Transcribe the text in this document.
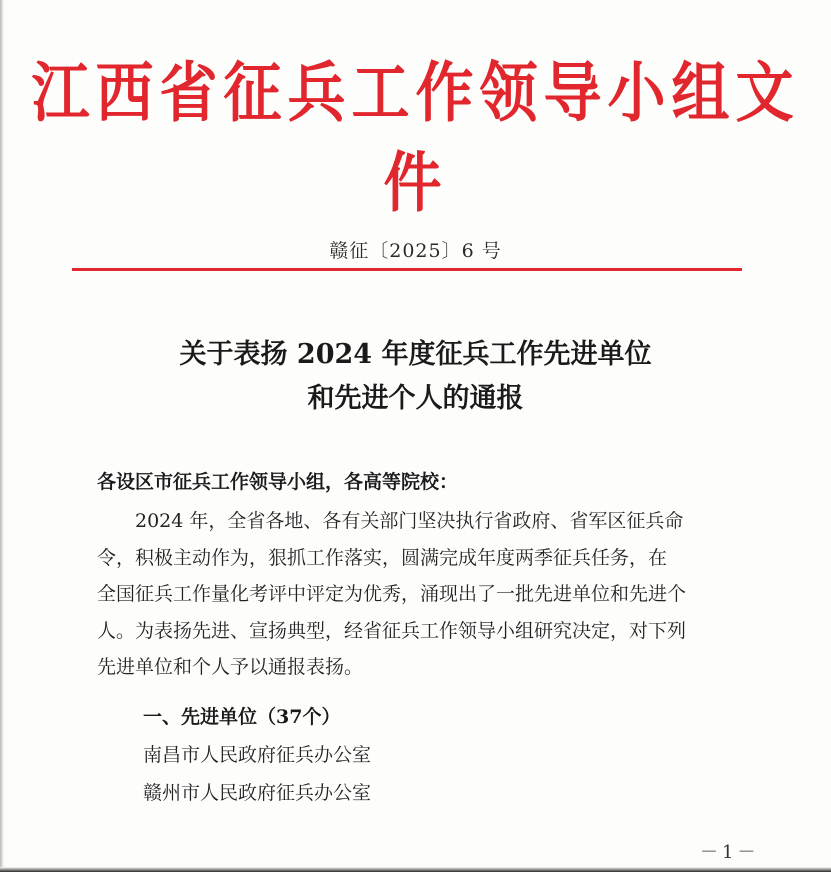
江西省征兵工作领导小组文件
赣征〔2025〕6 号
关于表扬 2024 年度征兵工作先进单位
和先进个人的通报
各设区市征兵工作领导小组，各高等院校：
　　2024 年，全省各地、各有关部门坚决执行省政府、省军区征兵命
令，积极主动作为，狠抓工作落实，圆满完成年度两季征兵任务，在
全国征兵工作量化考评中评定为优秀，涌现出了一批先进单位和先进个
人。为表扬先进、宣扬典型，经省征兵工作领导小组研究决定，对下列
先进单位和个人予以通报表扬。
一、先进单位（37个）
南昌市人民政府征兵办公室
赣州市人民政府征兵办公室
－1－
